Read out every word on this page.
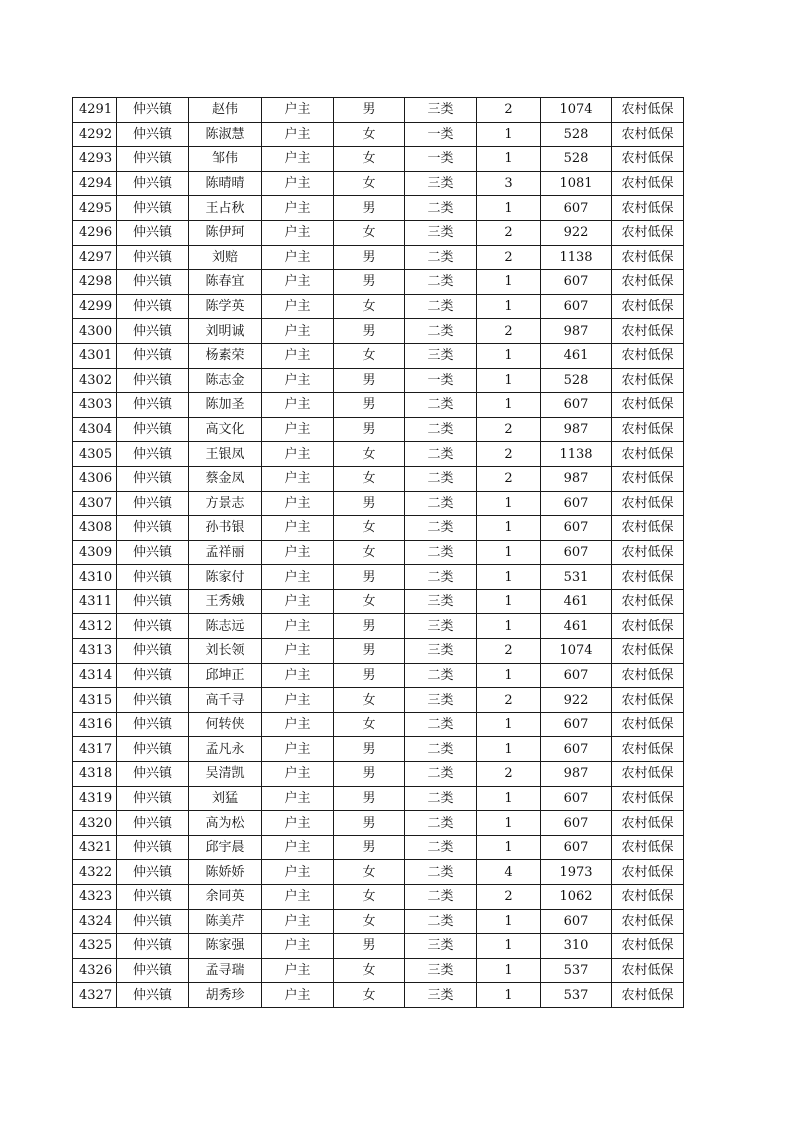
4291	仲兴镇	赵伟	户主	男	三类	2	1074	农村低保
4292	仲兴镇	陈淑慧	户主	女	一类	1	528	农村低保
4293	仲兴镇	邹伟	户主	女	一类	1	528	农村低保
4294	仲兴镇	陈晴晴	户主	女	三类	3	1081	农村低保
4295	仲兴镇	王占秋	户主	男	二类	1	607	农村低保
4296	仲兴镇	陈伊珂	户主	女	三类	2	922	农村低保
4297	仲兴镇	刘赔	户主	男	二类	2	1138	农村低保
4298	仲兴镇	陈春宜	户主	男	二类	1	607	农村低保
4299	仲兴镇	陈学英	户主	女	二类	1	607	农村低保
4300	仲兴镇	刘明诚	户主	男	二类	2	987	农村低保
4301	仲兴镇	杨素荣	户主	女	三类	1	461	农村低保
4302	仲兴镇	陈志金	户主	男	一类	1	528	农村低保
4303	仲兴镇	陈加圣	户主	男	二类	1	607	农村低保
4304	仲兴镇	高文化	户主	男	二类	2	987	农村低保
4305	仲兴镇	王银凤	户主	女	二类	2	1138	农村低保
4306	仲兴镇	蔡金凤	户主	女	二类	2	987	农村低保
4307	仲兴镇	方景志	户主	男	二类	1	607	农村低保
4308	仲兴镇	孙书银	户主	女	二类	1	607	农村低保
4309	仲兴镇	孟祥丽	户主	女	二类	1	607	农村低保
4310	仲兴镇	陈家付	户主	男	二类	1	531	农村低保
4311	仲兴镇	王秀娥	户主	女	三类	1	461	农村低保
4312	仲兴镇	陈志远	户主	男	三类	1	461	农村低保
4313	仲兴镇	刘长领	户主	男	三类	2	1074	农村低保
4314	仲兴镇	邱坤正	户主	男	二类	1	607	农村低保
4315	仲兴镇	高千寻	户主	女	三类	2	922	农村低保
4316	仲兴镇	何转侠	户主	女	二类	1	607	农村低保
4317	仲兴镇	孟凡永	户主	男	二类	1	607	农村低保
4318	仲兴镇	吴清凯	户主	男	二类	2	987	农村低保
4319	仲兴镇	刘猛	户主	男	二类	1	607	农村低保
4320	仲兴镇	高为松	户主	男	二类	1	607	农村低保
4321	仲兴镇	邱宇晨	户主	男	二类	1	607	农村低保
4322	仲兴镇	陈娇娇	户主	女	二类	4	1973	农村低保
4323	仲兴镇	余同英	户主	女	二类	2	1062	农村低保
4324	仲兴镇	陈美芹	户主	女	二类	1	607	农村低保
4325	仲兴镇	陈家强	户主	男	三类	1	310	农村低保
4326	仲兴镇	孟寻瑞	户主	女	三类	1	537	农村低保
4327	仲兴镇	胡秀珍	户主	女	三类	1	537	农村低保
